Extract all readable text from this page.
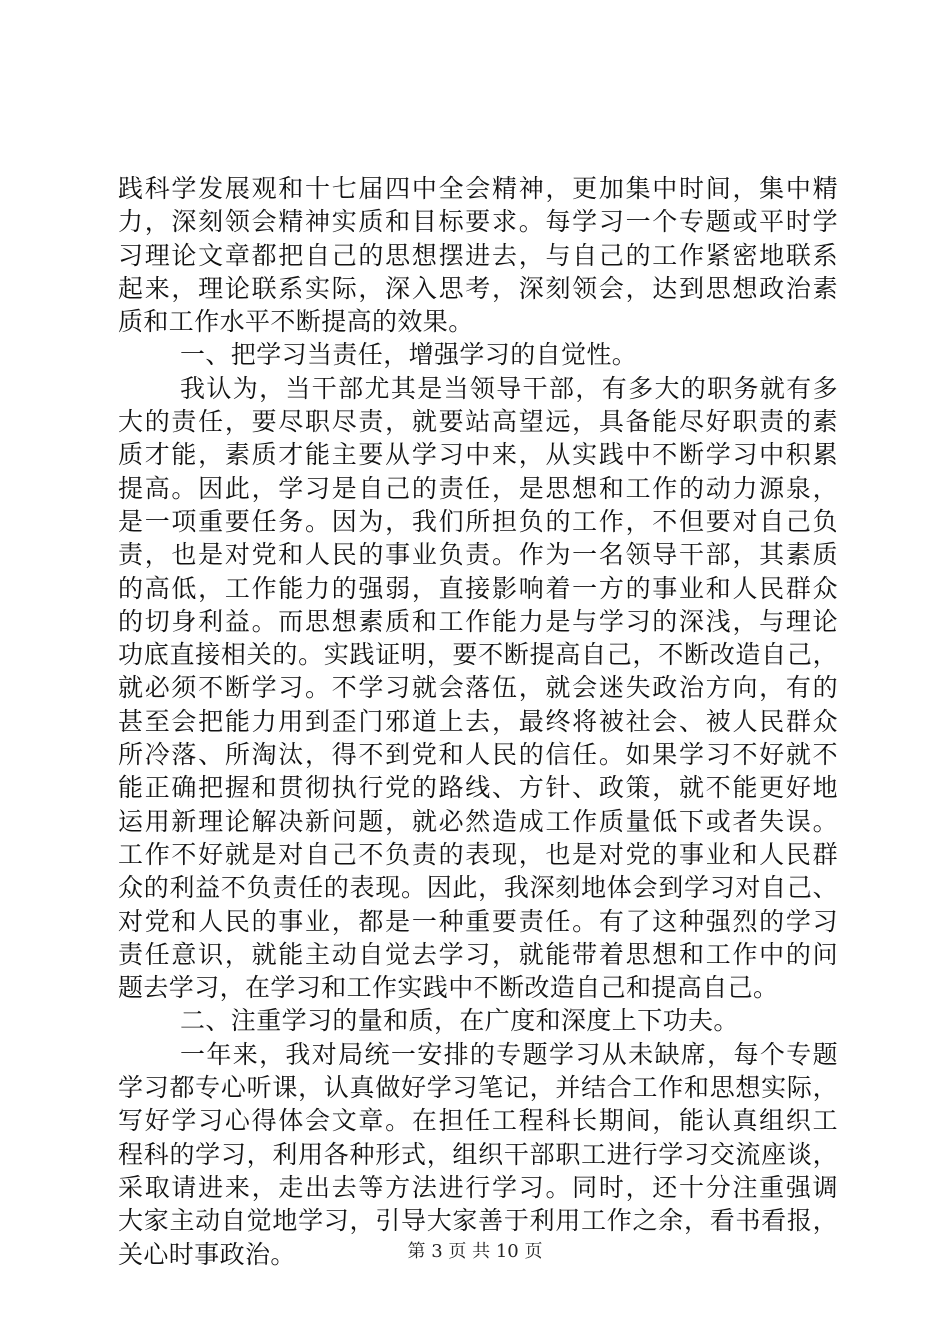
践科学发展观和十七届四中全会精神，更加集中时间，集中精
力，深刻领会精神实质和目标要求。每学习一个专题或平时学
习理论文章都把自己的思想摆进去，与自己的工作紧密地联系
起来，理论联系实际，深入思考，深刻领会，达到思想政治素
质和工作水平不断提高的效果。
一、把学习当责任，增强学习的自觉性。
我认为，当干部尤其是当领导干部，有多大的职务就有多
大的责任，要尽职尽责，就要站高望远，具备能尽好职责的素
质才能，素质才能主要从学习中来，从实践中不断学习中积累
提高。因此，学习是自己的责任，是思想和工作的动力源泉，
是一项重要任务。因为，我们所担负的工作，不但要对自己负
责，也是对党和人民的事业负责。作为一名领导干部，其素质
的高低，工作能力的强弱，直接影响着一方的事业和人民群众
的切身利益。而思想素质和工作能力是与学习的深浅，与理论
功底直接相关的。实践证明，要不断提高自己，不断改造自己，
就必须不断学习。不学习就会落伍，就会迷失政治方向，有的
甚至会把能力用到歪门邪道上去，最终将被社会、被人民群众
所冷落、所淘汰，得不到党和人民的信任。如果学习不好就不
能正确把握和贯彻执行党的路线、方针、政策，就不能更好地
运用新理论解决新问题，就必然造成工作质量低下或者失误。
工作不好就是对自己不负责的表现，也是对党的事业和人民群
众的利益不负责任的表现。因此，我深刻地体会到学习对自己、
对党和人民的事业，都是一种重要责任。有了这种强烈的学习
责任意识，就能主动自觉去学习，就能带着思想和工作中的问
题去学习，在学习和工作实践中不断改造自己和提高自己。
二、注重学习的量和质，在广度和深度上下功夫。
一年来，我对局统一安排的专题学习从未缺席，每个专题
学习都专心听课，认真做好学习笔记，并结合工作和思想实际，
写好学习心得体会文章。在担任工程科长期间，能认真组织工
程科的学习，利用各种形式，组织干部职工进行学习交流座谈，
采取请进来，走出去等方法进行学习。同时，还十分注重强调
大家主动自觉地学习，引导大家善于利用工作之余，看书看报，
关心时事政治。	第 3 页 共 10 页
